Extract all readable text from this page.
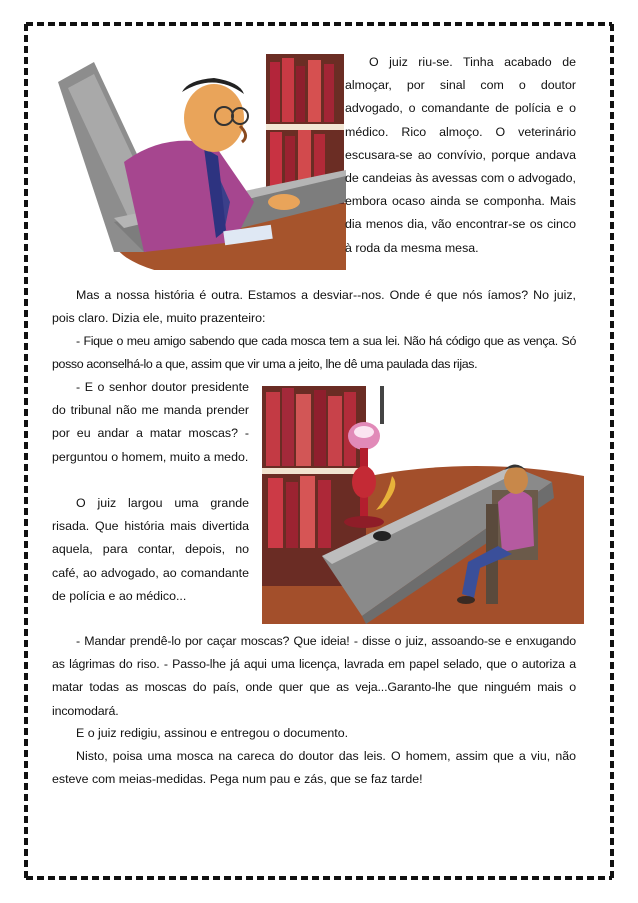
O juiz riu-se. Tinha acabado de almoçar, por sinal com o doutor advogado, o comandante de polícia e o médico. Rico almoço. O veterinário escusara-se ao convívio, porque andava de candeias às avessas com o advogado, embora ocaso ainda se componha. Mais dia menos dia, vão encontrar-se os cinco à roda da mesma mesa.

Mas a nossa história é outra. Estamos a desviar--nos. Onde é que nós íamos? No juiz, pois claro. Dizia ele, muito prazenteiro:

- Fique o meu amigo sabendo que cada mosca tem a sua lei. Não há código que as vença. Só posso aconselhá-lo a que, assim que vir uma a jeito, lhe dê uma paulada das rijas.

- E o senhor doutor presidente do tribunal não me manda prender por eu andar a matar moscas? -perguntou o homem, muito a medo.

O juiz largou uma grande risada. Que história mais divertida aquela, para contar, depois, no café, ao advogado, ao comandante de polícia e ao médico...

- Mandar prendê-lo por caçar moscas? Que ideia! - disse o juiz, assoando-se e enxugando as lágrimas do riso. - Passo-lhe já aqui uma licença, lavrada em papel selado, que o autoriza a matar todas as moscas do país, onde quer que as veja...Garanto-lhe que ninguém mais o incomodará.

E o juiz redigiu, assinou e entregou o documento.

Nisto, poisa uma mosca na careca do doutor das leis. O homem, assim que a viu, não esteve com meias-medidas. Pega num pau e zás, que se faz tarde!
